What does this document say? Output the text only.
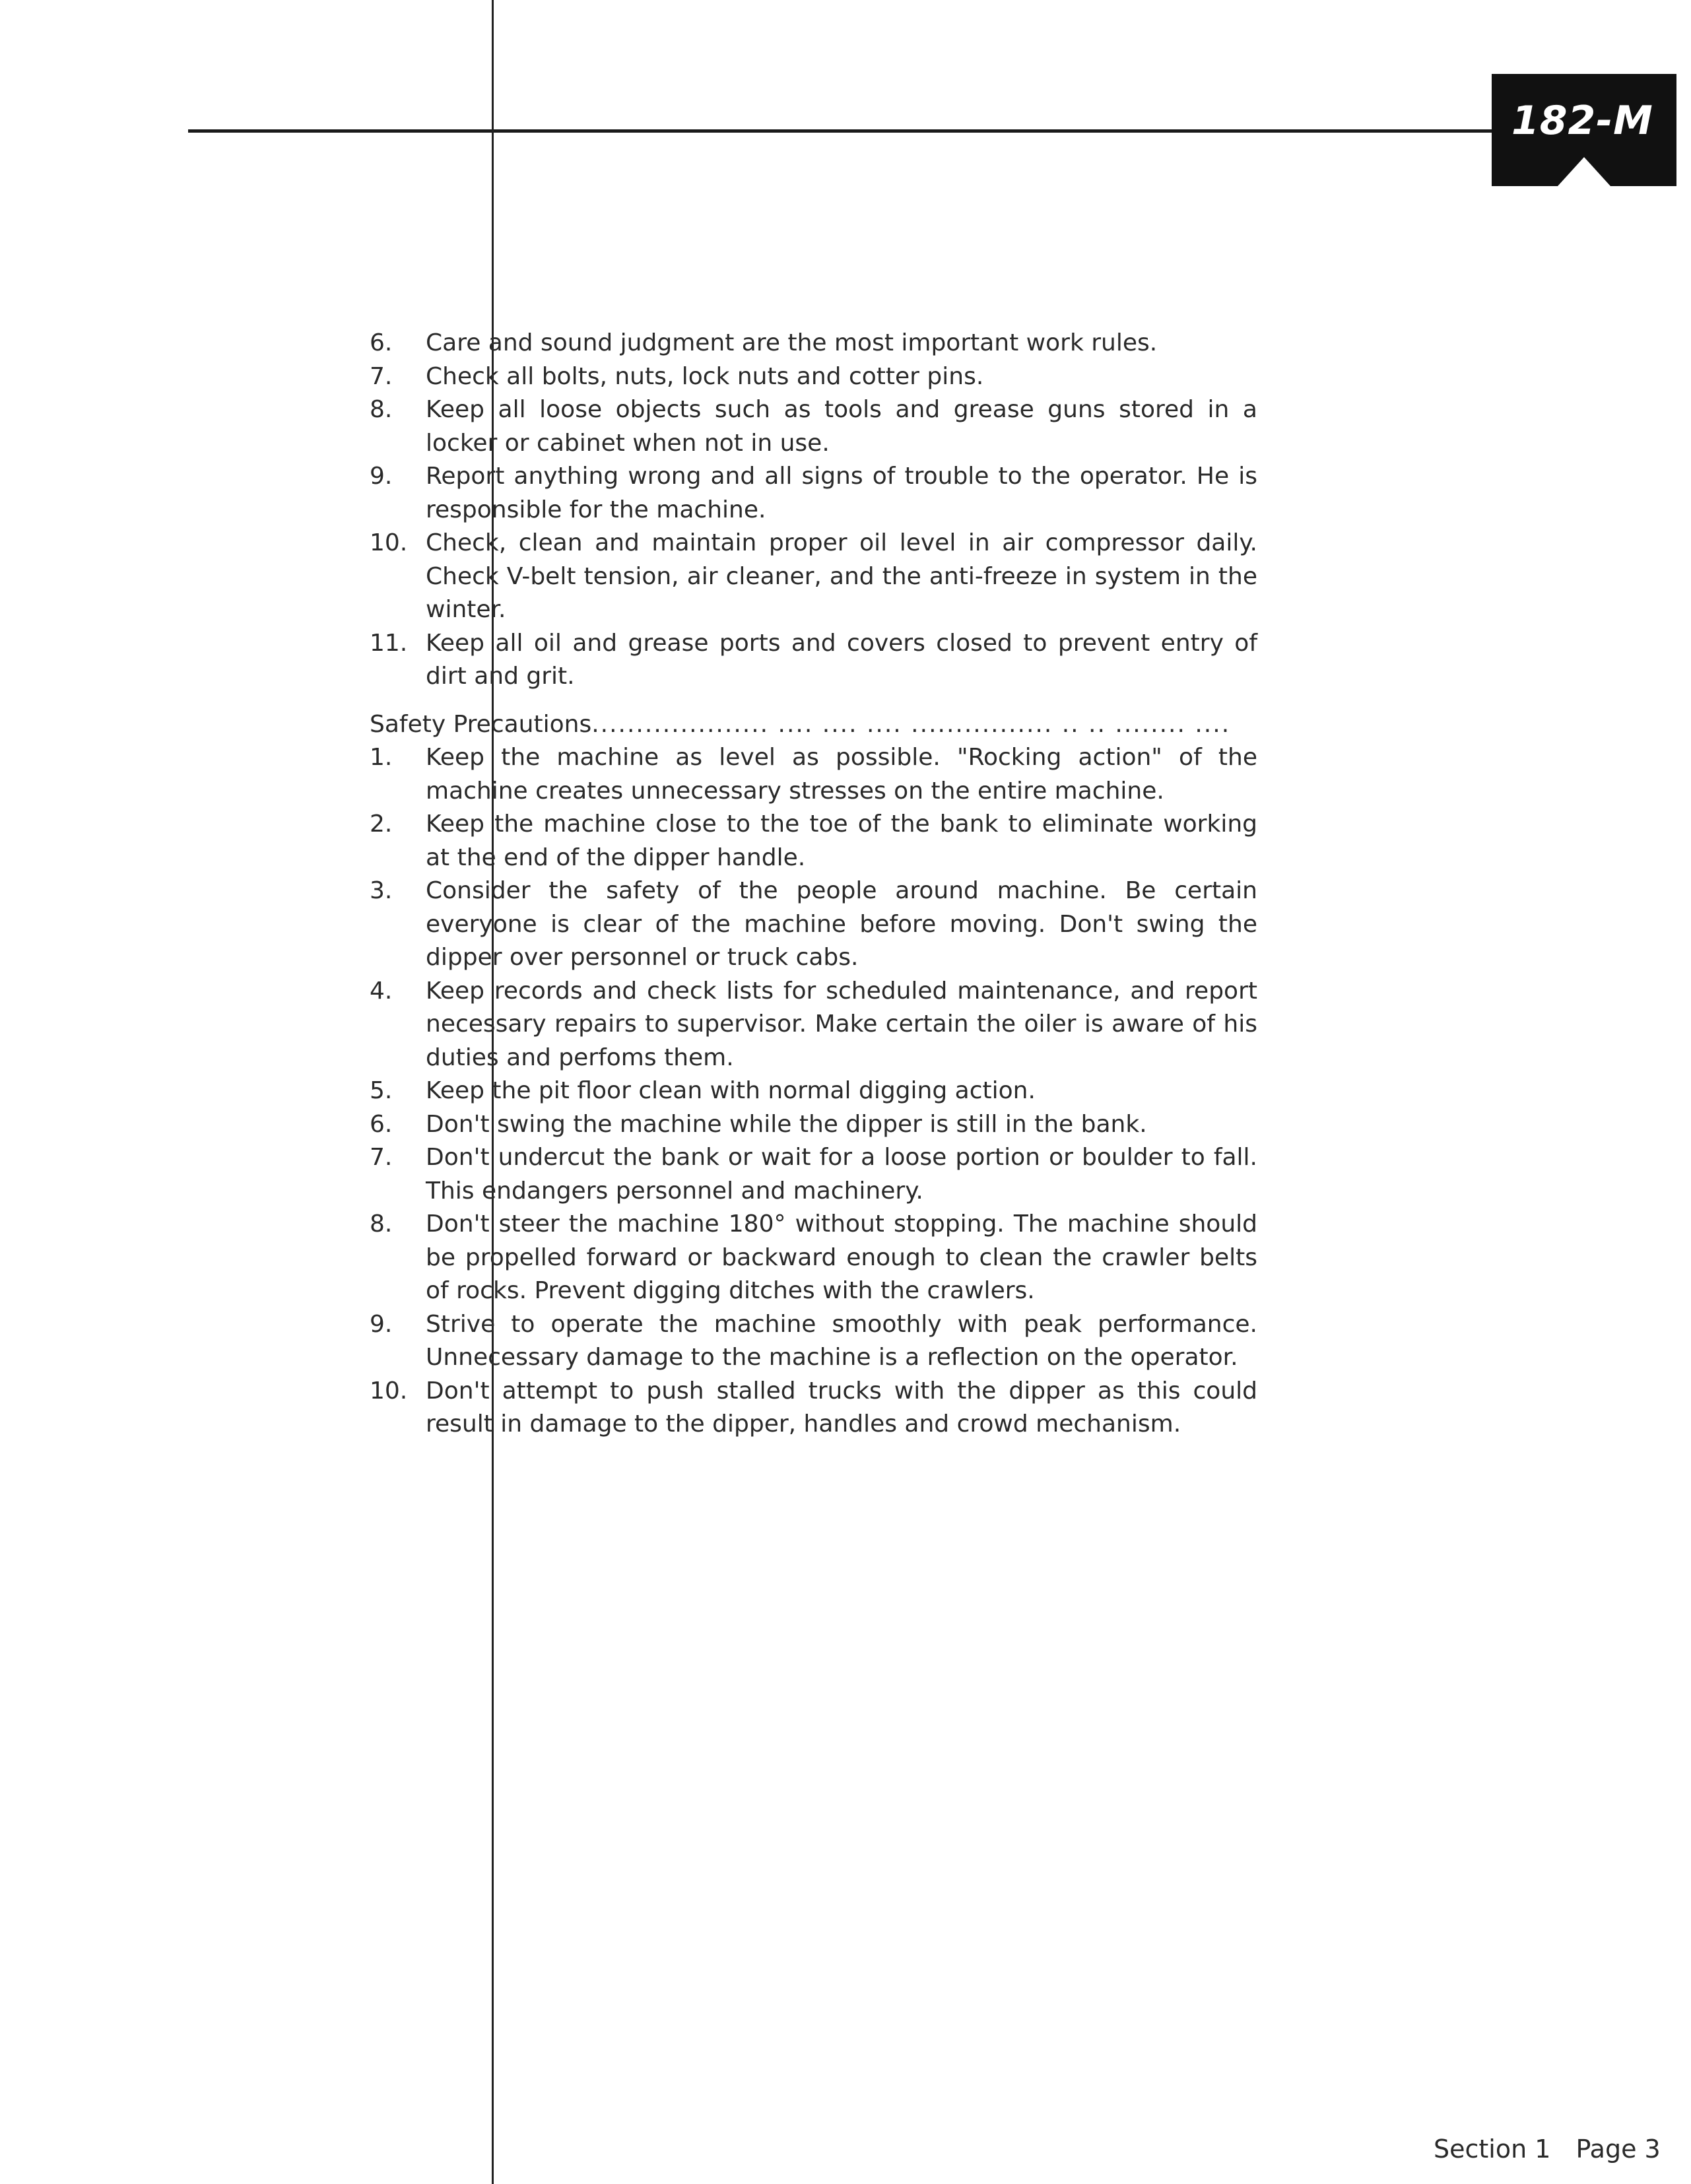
182-M
6. Care and sound judgment are the most important work rules.
7. Check all bolts, nuts, lock nuts and cotter pins.
8. Keep all loose objects such as tools and grease guns stored in a locker or cabinet when not in use.
9. Report anything wrong and all signs of trouble to the operator. He is responsible for the machine.
10. Check, clean and maintain proper oil level in air compressor daily. Check V-belt tension, air cleaner, and the anti-freeze in system in the winter.
11. Keep all oil and grease ports and covers closed to prevent entry of dirt and grit.
Safety Precautions.................... .... .... .... ................ .. .. ........ ....
1. Keep the machine as level as possible. "Rocking action" of the machine creates unnecessary stresses on the entire machine.
2. Keep the machine close to the toe of the bank to eliminate working at the end of the dipper handle.
3. Consider the safety of the people around machine. Be certain everyone is clear of the machine before moving. Don't swing the dipper over personnel or truck cabs.
4. Keep records and check lists for scheduled maintenance, and report necessary repairs to supervisor. Make certain the oiler is aware of his duties and perfoms them.
5. Keep the pit floor clean with normal digging action.
6. Don't swing the machine while the dipper is still in the bank.
7. Don't undercut the bank or wait for a loose portion or boulder to fall. This endangers personnel and machinery.
8. Don't steer the machine 180° without stopping. The machine should be propelled forward or backward enough to clean the crawler belts of rocks. Prevent digging ditches with the crawlers.
9. Strive to operate the machine smoothly with peak performance. Unnecessary damage to the machine is a reflection on the operator.
10. Don't attempt to push stalled trucks with the dipper as this could result in damage to the dipper, handles and crowd mechanism.
Section 1 Page 3
